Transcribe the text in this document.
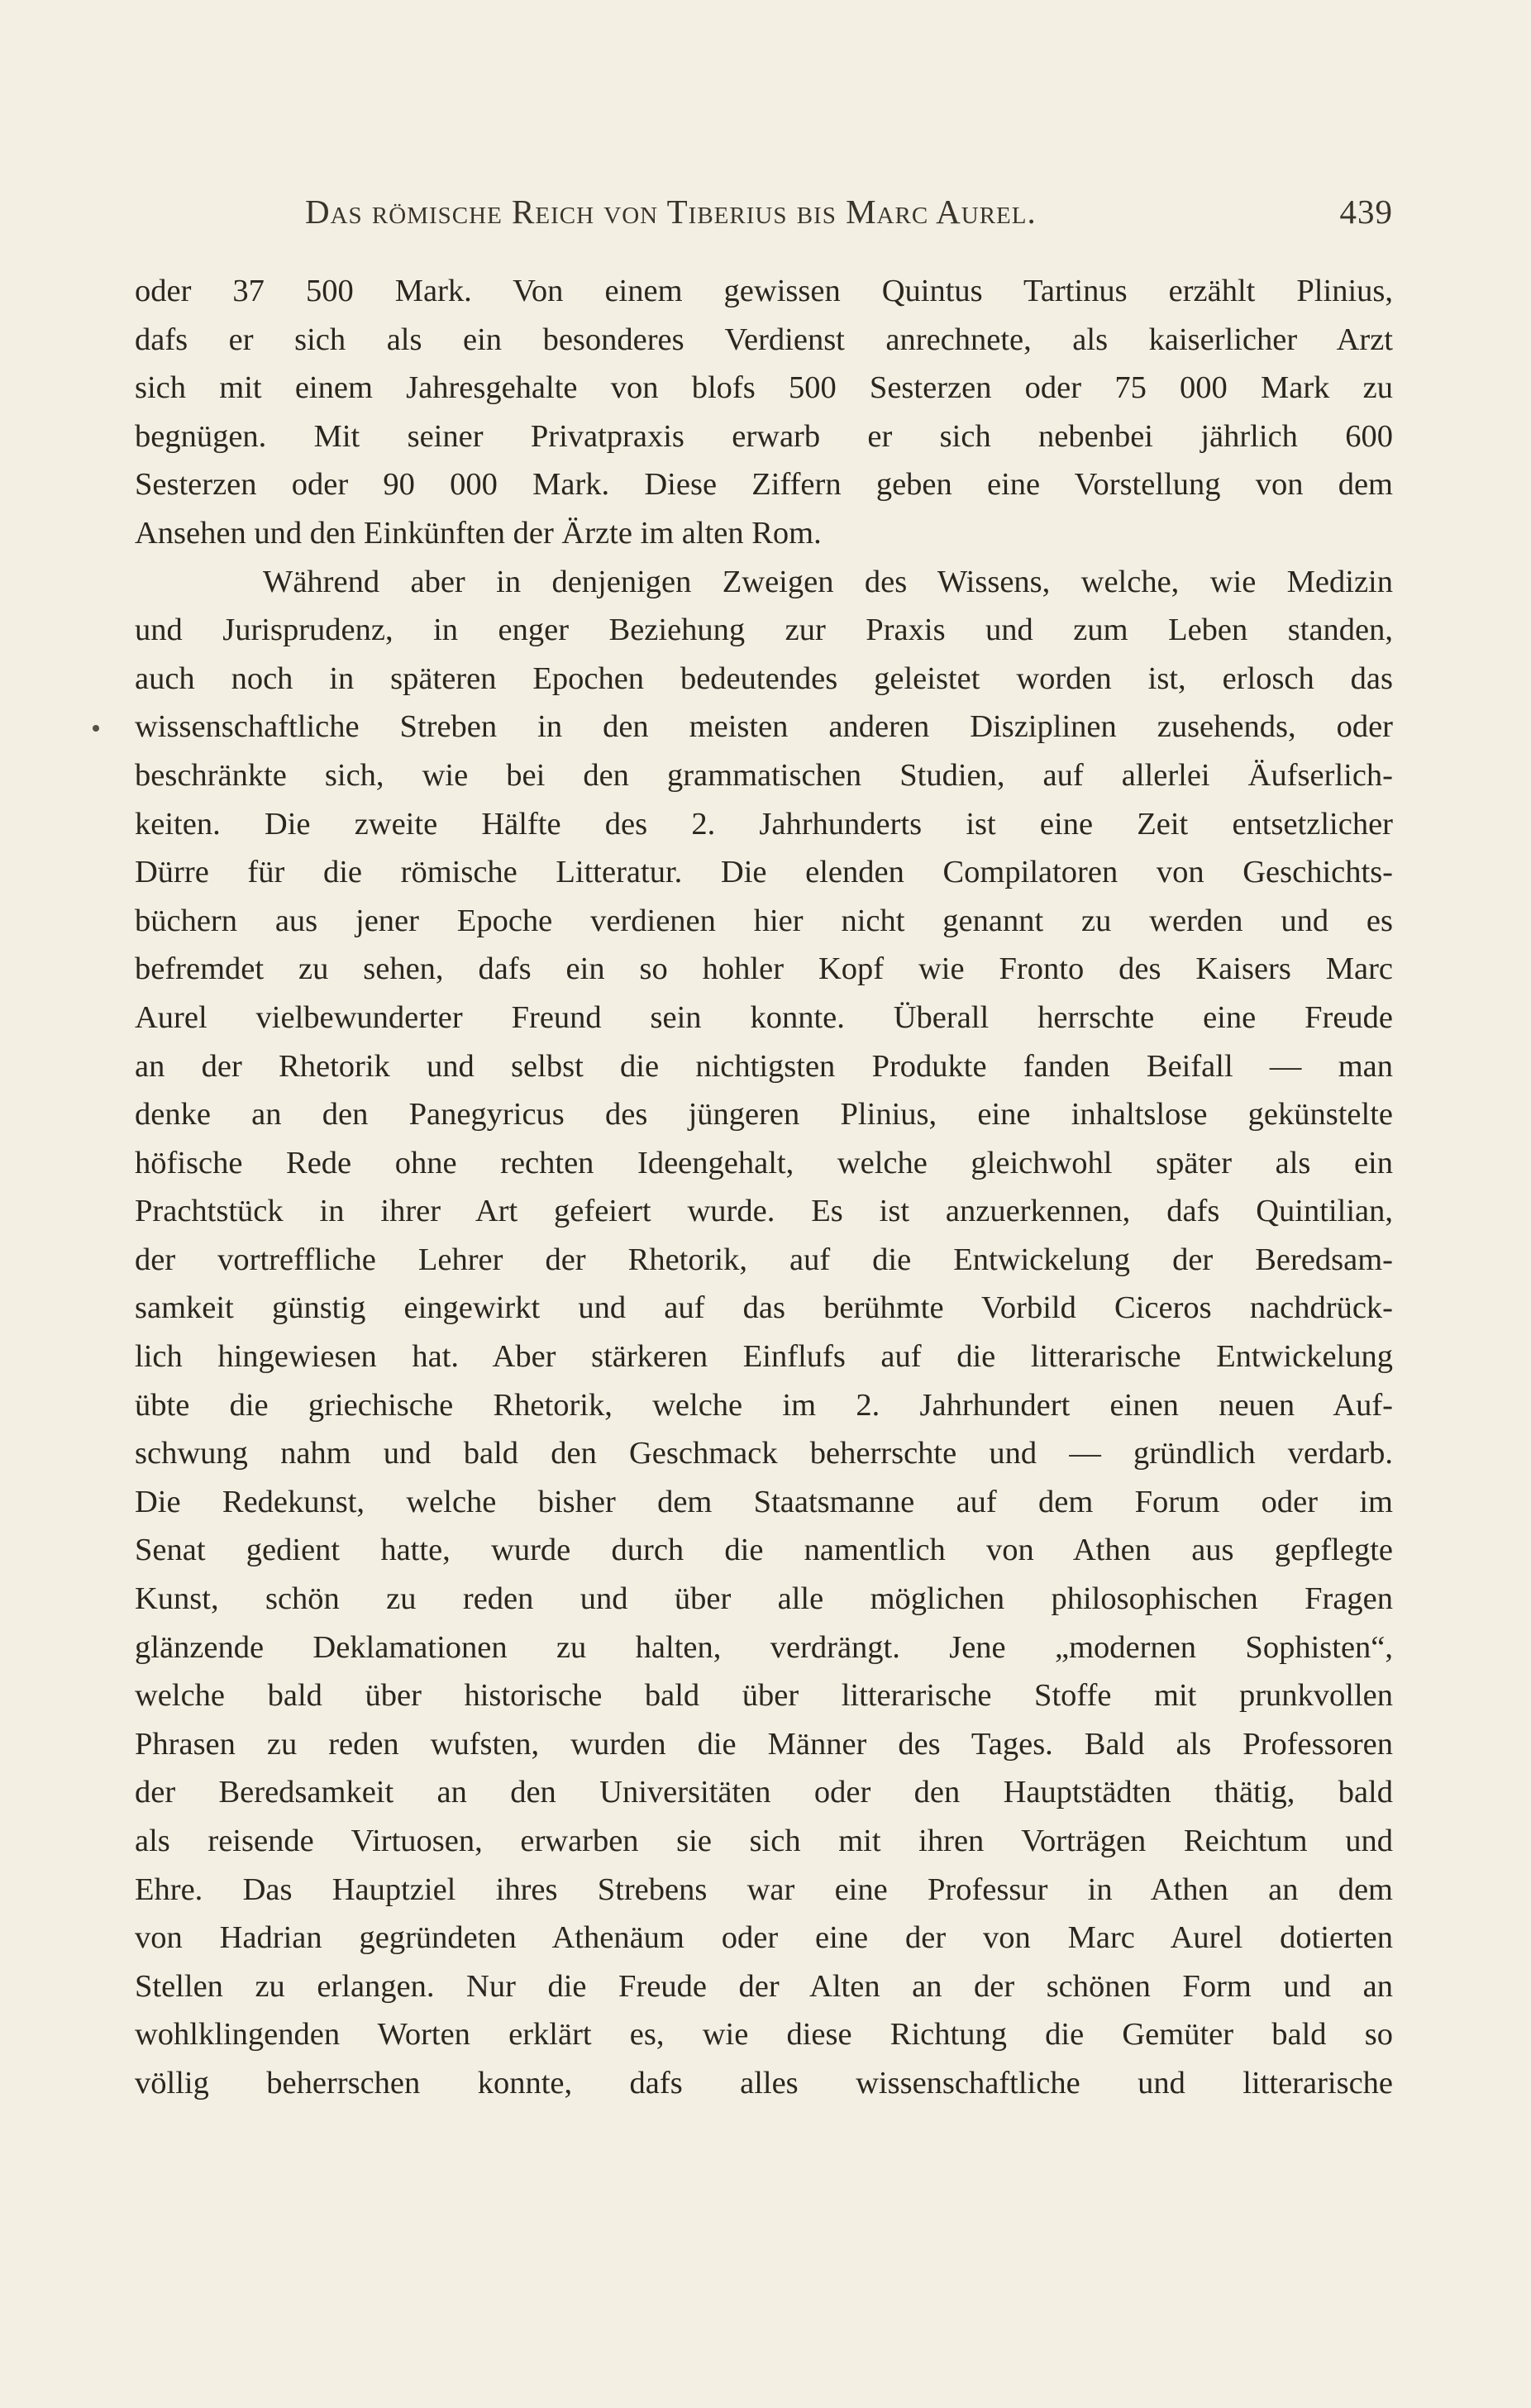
Das römische Reich von Tiberius bis Marc Aurel.	439
oder 37 500 Mark. Von einem gewissen Quintus Tartinus erzählt Plinius,
dafs er sich als ein besonderes Verdienst anrechnete, als kaiserlicher Arzt
sich mit einem Jahresgehalte von blofs 500 Sesterzen oder 75 000 Mark zu
begnügen. Mit seiner Privatpraxis erwarb er sich nebenbei jährlich 600
Sesterzen oder 90 000 Mark. Diese Ziffern geben eine Vorstellung von dem
Ansehen und den Einkünften der Ärzte im alten Rom.
Während aber in denjenigen Zweigen des Wissens, welche, wie Medizin
und Jurisprudenz, in enger Beziehung zur Praxis und zum Leben standen,
auch noch in späteren Epochen bedeutendes geleistet worden ist, erlosch das
wissenschaftliche Streben in den meisten anderen Disziplinen zusehends, oder
beschränkte sich, wie bei den grammatischen Studien, auf allerlei Äufserlich-
keiten. Die zweite Hälfte des 2. Jahrhunderts ist eine Zeit entsetzlicher
Dürre für die römische Litteratur. Die elenden Compilatoren von Geschichts-
büchern aus jener Epoche verdienen hier nicht genannt zu werden und es
befremdet zu sehen, dafs ein so hohler Kopf wie Fronto des Kaisers Marc
Aurel vielbewunderter Freund sein konnte. Überall herrschte eine Freude
an der Rhetorik und selbst die nichtigsten Produkte fanden Beifall — man
denke an den Panegyricus des jüngeren Plinius, eine inhaltslose gekünstelte
höfische Rede ohne rechten Ideengehalt, welche gleichwohl später als ein
Prachtstück in ihrer Art gefeiert wurde. Es ist anzuerkennen, dafs Quintilian,
der vortreffliche Lehrer der Rhetorik, auf die Entwickelung der Beredsam-
samkeit günstig eingewirkt und auf das berühmte Vorbild Ciceros nachdrück-
lich hingewiesen hat. Aber stärkeren Einflufs auf die litterarische Entwickelung
übte die griechische Rhetorik, welche im 2. Jahrhundert einen neuen Auf-
schwung nahm und bald den Geschmack beherrschte und — gründlich verdarb.
Die Redekunst, welche bisher dem Staatsmanne auf dem Forum oder im
Senat gedient hatte, wurde durch die namentlich von Athen aus gepflegte
Kunst, schön zu reden und über alle möglichen philosophischen Fragen
glänzende Deklamationen zu halten, verdrängt. Jene „modernen Sophisten“,
welche bald über historische bald über litterarische Stoffe mit prunkvollen
Phrasen zu reden wufsten, wurden die Männer des Tages. Bald als Professoren
der Beredsamkeit an den Universitäten oder den Hauptstädten thätig, bald
als reisende Virtuosen, erwarben sie sich mit ihren Vorträgen Reichtum und
Ehre. Das Hauptziel ihres Strebens war eine Professur in Athen an dem
von Hadrian gegründeten Athenäum oder eine der von Marc Aurel dotierten
Stellen zu erlangen. Nur die Freude der Alten an der schönen Form und an
wohlklingenden Worten erklärt es, wie diese Richtung die Gemüter bald so
völlig beherrschen konnte, dafs alles wissenschaftliche und litterarische
